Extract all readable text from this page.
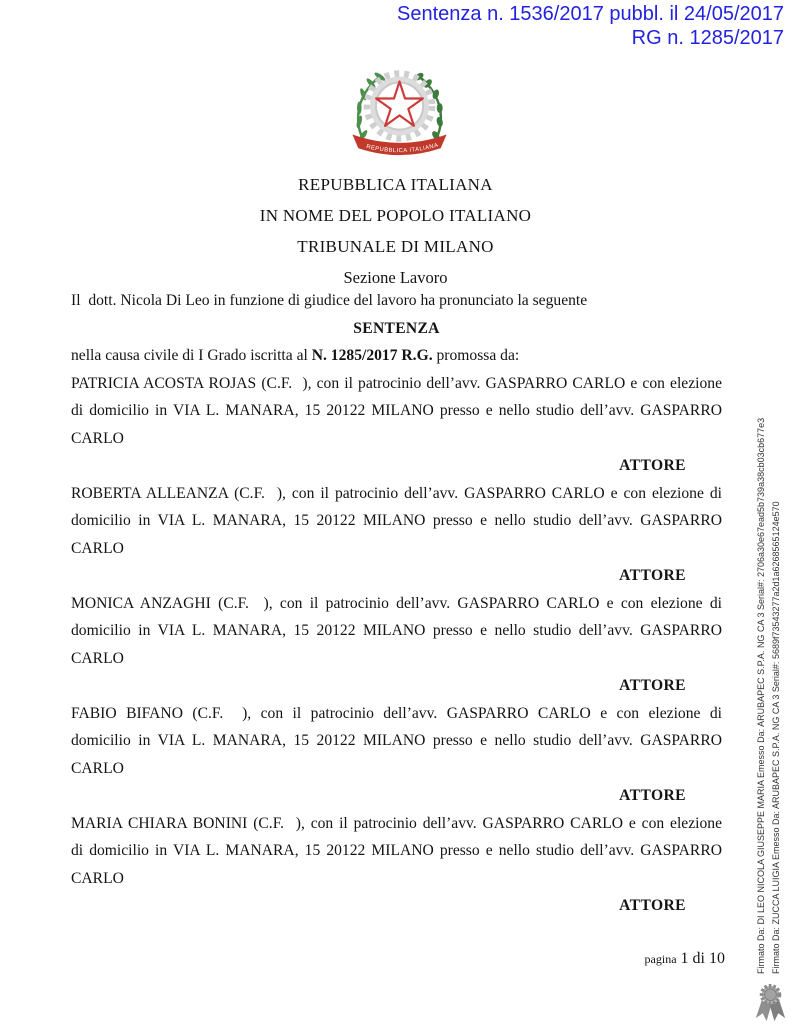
Sentenza n. 1536/2017 pubbl. il 24/05/2017
RG n. 1285/2017
REPUBBLICA ITALIANA
REPUBBLICA ITALIANA
IN NOME DEL POPOLO ITALIANO
TRIBUNALE DI MILANO
Sezione Lavoro

Il  dott. Nicola Di Leo in funzione di giudice del lavoro ha pronunciato la seguente

SENTENZA

nella causa civile di I Grado iscritta al N. 1285/2017 R.G. promossa da:

PATRICIA ACOSTA ROJAS (C.F.  ), con il patrocinio dell’avv. GASPARRO CARLO e con elezione di domicilio in VIA L. MANARA, 15 20122 MILANO presso e nello studio dell’avv. GASPARRO CARLO

ATTORE

ROBERTA ALLEANZA (C.F.  ), con il patrocinio dell’avv. GASPARRO CARLO e con elezione di domicilio in VIA L. MANARA, 15 20122 MILANO presso e nello studio dell’avv. GASPARRO CARLO

ATTORE

MONICA ANZAGHI (C.F.  ), con il patrocinio dell’avv. GASPARRO CARLO e con elezione di domicilio in VIA L. MANARA, 15 20122 MILANO presso e nello studio dell’avv. GASPARRO CARLO

ATTORE

FABIO BIFANO (C.F.  ), con il patrocinio dell’avv. GASPARRO CARLO e con elezione di domicilio in VIA L. MANARA, 15 20122 MILANO presso e nello studio dell’avv. GASPARRO CARLO

ATTORE

MARIA CHIARA BONINI (C.F.  ), con il patrocinio dell’avv. GASPARRO CARLO e con elezione di domicilio in VIA L. MANARA, 15 20122 MILANO presso e nello studio dell’avv. GASPARRO CARLO

ATTORE

pagina 1 di 10	Firmato Da: DI LEO NICOLA GIUSEPPE MARIA Emesso Da: ARUBAPEC S.P.A. NG CA 3 Serial#: 2706a30e67ead5b739a38cb03cb677e3 Firmato Da: ZUCCA LUIGIA Emesso Da: ARUBAPEC S.P.A. NG CA 3 Serial#: 5689f73543277a2d1a6268565124e570
